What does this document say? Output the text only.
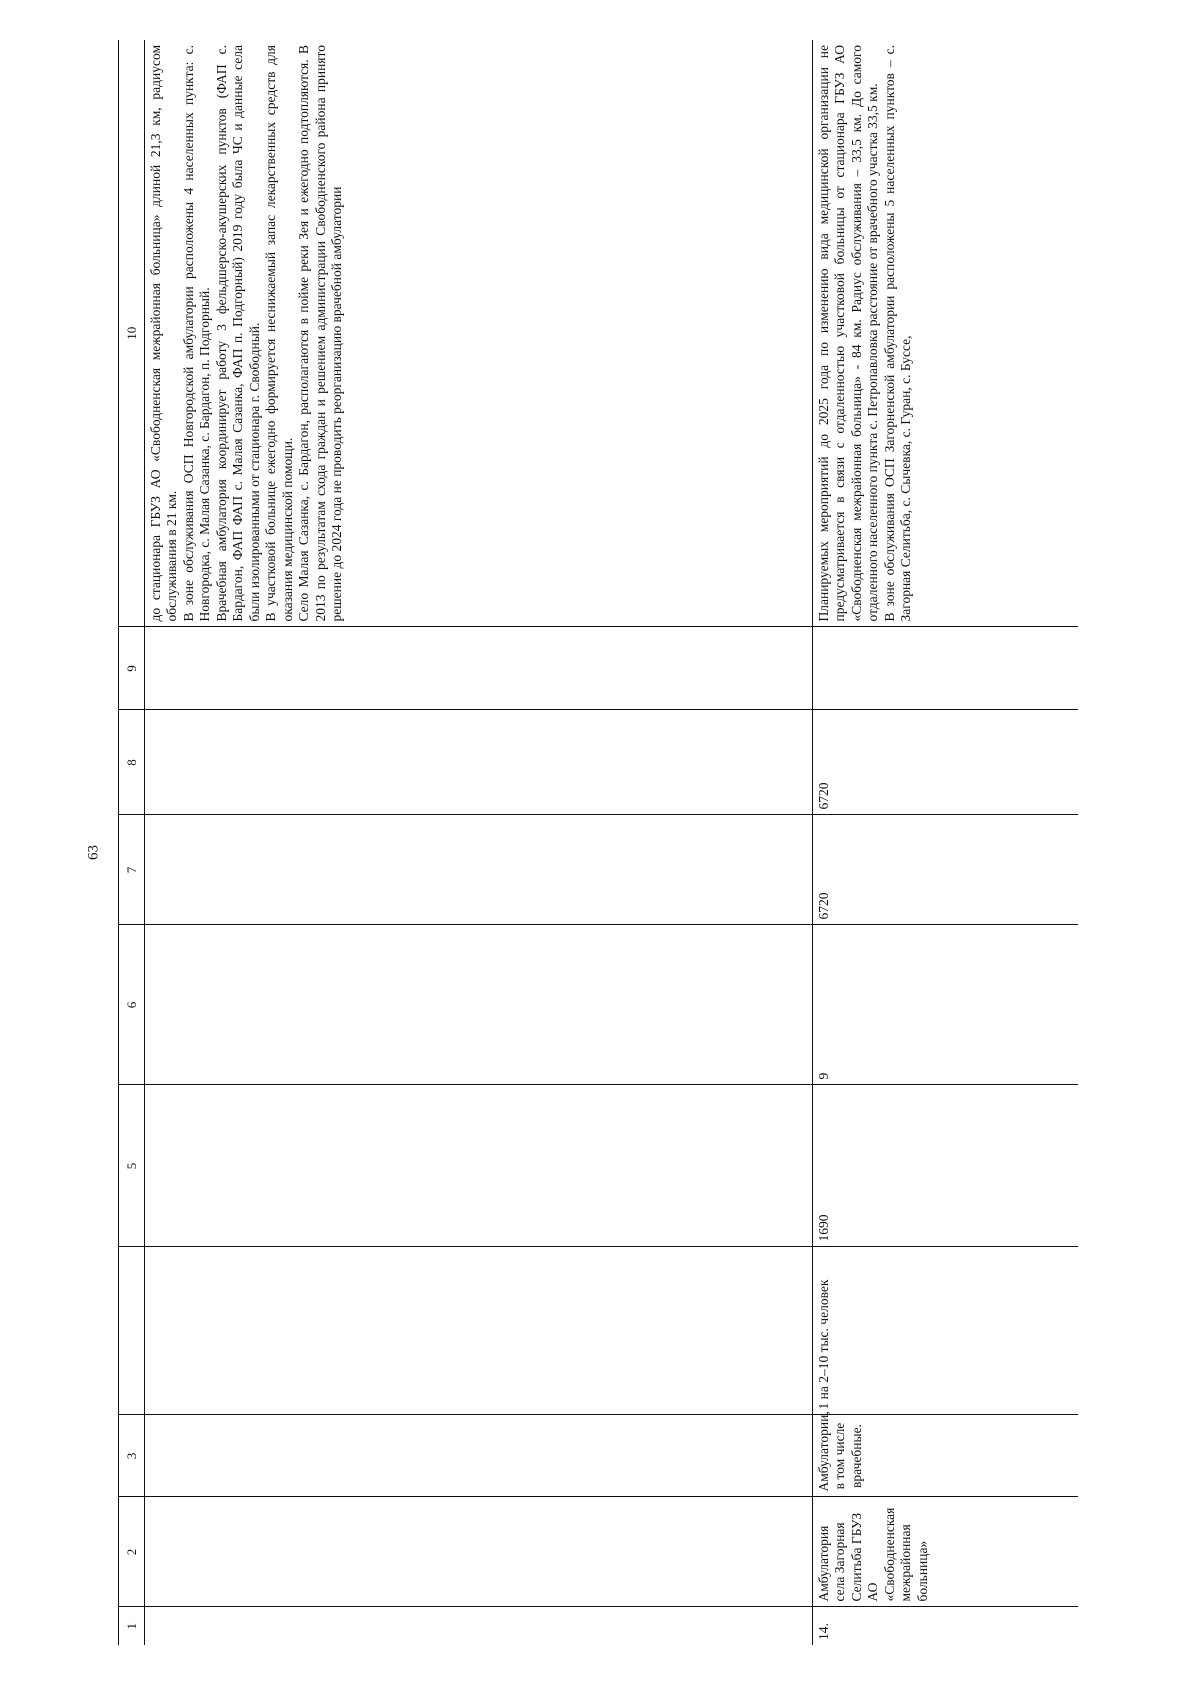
63
1	2	3		5	6	7	8	9	10

									до стационара ГБУЗ АО «Свободненская межрайонная больница» длиной 21,3 км, радиусом обслуживания в 21 км. В зоне обслуживания ОСП Новгородской амбулатории расположены 4 населенных пункта: с. Новгородка, с. Малая Сазанка, с. Бардагон, п. Подгорный. Врачебная амбулатория координирует работу 3 фельдшерско-акушерских пунктов (ФАП с. Бардагон, ФАП ФАП с. Малая Сазанка, ФАП п. Подгорный) 2019 году была ЧС и данные села были изолированными от стационара г. Свободный. В участковой больнице ежегодно формируется неснижаемый запас лекарственных средств для оказания медицинской помощи. Село Малая Сазанка, с. Бардагон, располагаются в пойме реки Зея и ежегодно подтопляются. В 2013 по результатам схода граждан и решением администрации Свободненского района принято решение до 2024 года не проводить реорганизацию врачебной амбулатории

14.	Амбулатория села Загорная Селитьба ГБУЗ АО «Свободненская межрайонная больница»	Амбулатории, в том числе врачебные.	1 на 2–10 тыс. человек	1690	9	6720	6720		Планируемых мероприятий до 2025 года по изменению вида медицинской организации не предусматривается в связи с отдаленностью участковой больницы от стационара ГБУЗ АО «Свободненская межрайонная больница» - 84 км. Радиус обслуживания – 33,5 км. До самого отдаленного населенного пункта с. Петропавловка расстояние от врачебного участка 33,5 км. В зоне обслуживания ОСП Загорненской амбулатории расположены 5 населенных пунктов – с. Загорная Селитьба, с. Сычевка, с. Гуран, с. Буссе,
